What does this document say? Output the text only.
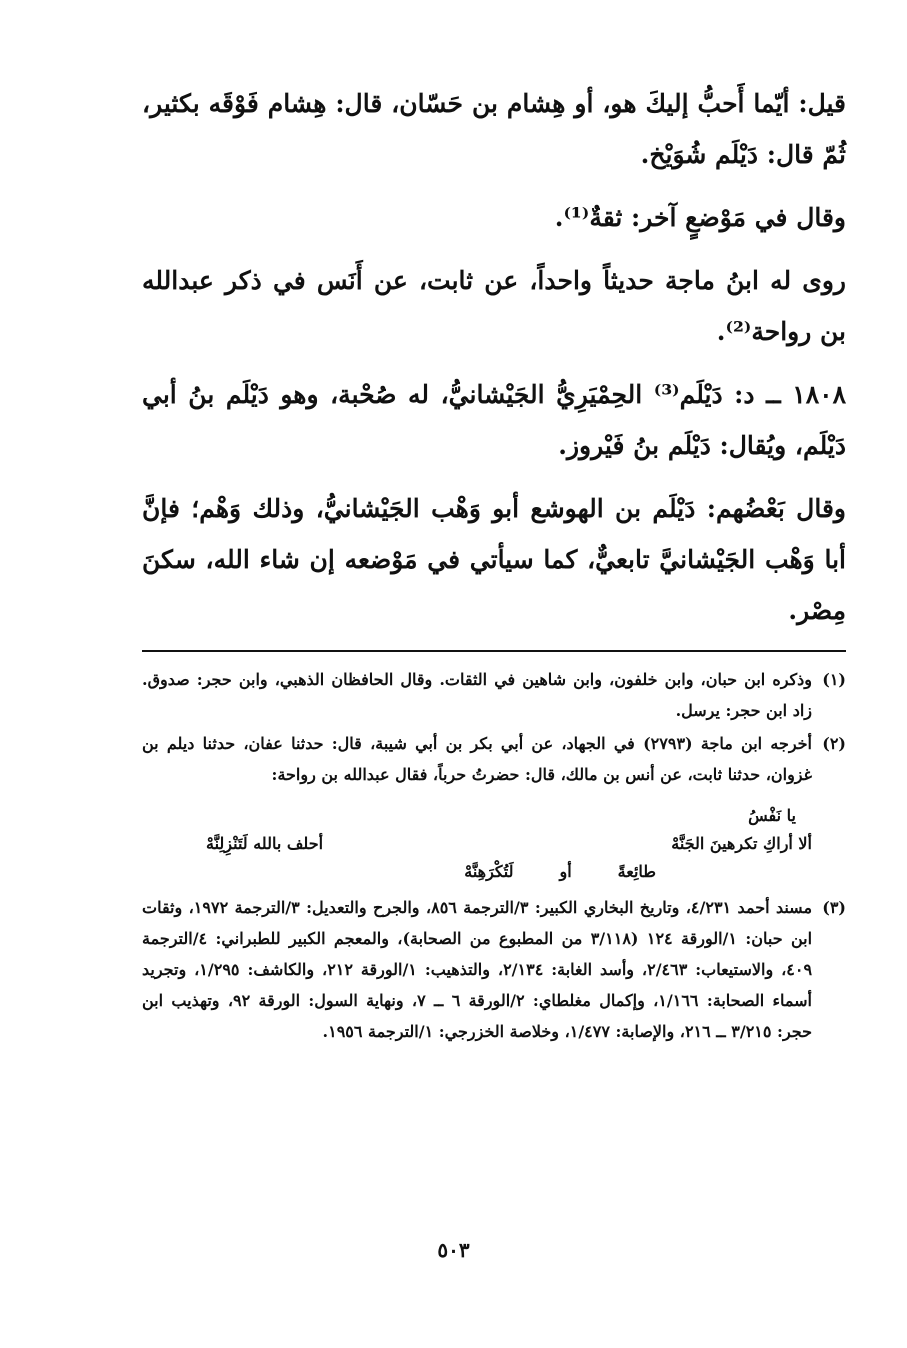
قيل: أيّما أَحبُّ إليكَ هو، أو هِشام بن حَسّان، قال: هِشام فَوْقَه بكثير، ثُمّ قال: دَيْلَم شُوَيْخ.

وقال في مَوْضعٍ آخر: ثقةٌ⁽¹⁾.

روى له ابنُ ماجة حديثاً واحداً، عن ثابت، عن أَنَس في ذكر عبدالله بن رواحة⁽²⁾.

١٨٠٨ ــ د: دَيْلَم⁽³⁾ الحِمْيَرِيُّ الجَيْشانيُّ، له صُحْبة، وهو دَيْلَم بنُ أبي دَيْلَم، ويُقال: دَيْلَم بنُ فَيْروز.

وقال بَعْضُهم: دَيْلَم بن الهوشع أبو وَهْب الجَيْشانيُّ، وذلك وَهْم؛ فإنَّ أبا وَهْب الجَيْشانيَّ تابعيٌّ، كما سيأتي في مَوْضعه إن شاء الله، سكنَ مِصْر.

(١)
وذكره ابن حبان، وابن خلفون، وابن شاهين في الثقات. وقال الحافظان الذهبي، وابن حجر: صدوق. زاد ابن حجر: يرسل.
(٢)
أخرجه ابن ماجة (٢٧٩٣) في الجهاد، عن أبي بكر بن أبي شيبة، قال: حدثنا عفان، حدثنا ديلم بن غزوان، حدثنا ثابت، عن أنس بن مالك، قال: حضرتُ حرباً، فقال عبدالله بن رواحة:
يا نَفْسُ
ألا أراكِ تكرهينَ الجَنَّهْ
أحلف بالله لَتَنْزِلِنَّهْ
طائِعةً
أو
لَتُكْرَهِنَّهْ
(٣)
مسند أحمد ٤/٢٣١، وتاريخ البخاري الكبير: ٣/الترجمة ٨٥٦، والجرح والتعديل: ٣/الترجمة ١٩٧٢، وثقات ابن حبان: ١/الورقة ١٢٤ (٣/١١٨ من المطبوع من الصحابة)، والمعجم الكبير للطبراني: ٤/الترجمة ٤٠٩، والاستيعاب: ٢/٤٦٣، وأسد الغابة: ٢/١٣٤، والتذهيب: ١/الورقة ٢١٢، والكاشف: ١/٢٩٥، وتجريد أسماء الصحابة: ١/١٦٦، وإكمال مغلطاي: ٢/الورقة ٦ ــ ٧، ونهاية السول: الورقة ٩٢، وتهذيب ابن حجر: ٣/٢١٥ ــ ٢١٦، والإصابة: ١/٤٧٧، وخلاصة الخزرجي: ١/الترجمة ١٩٥٦.
٥٠٣
